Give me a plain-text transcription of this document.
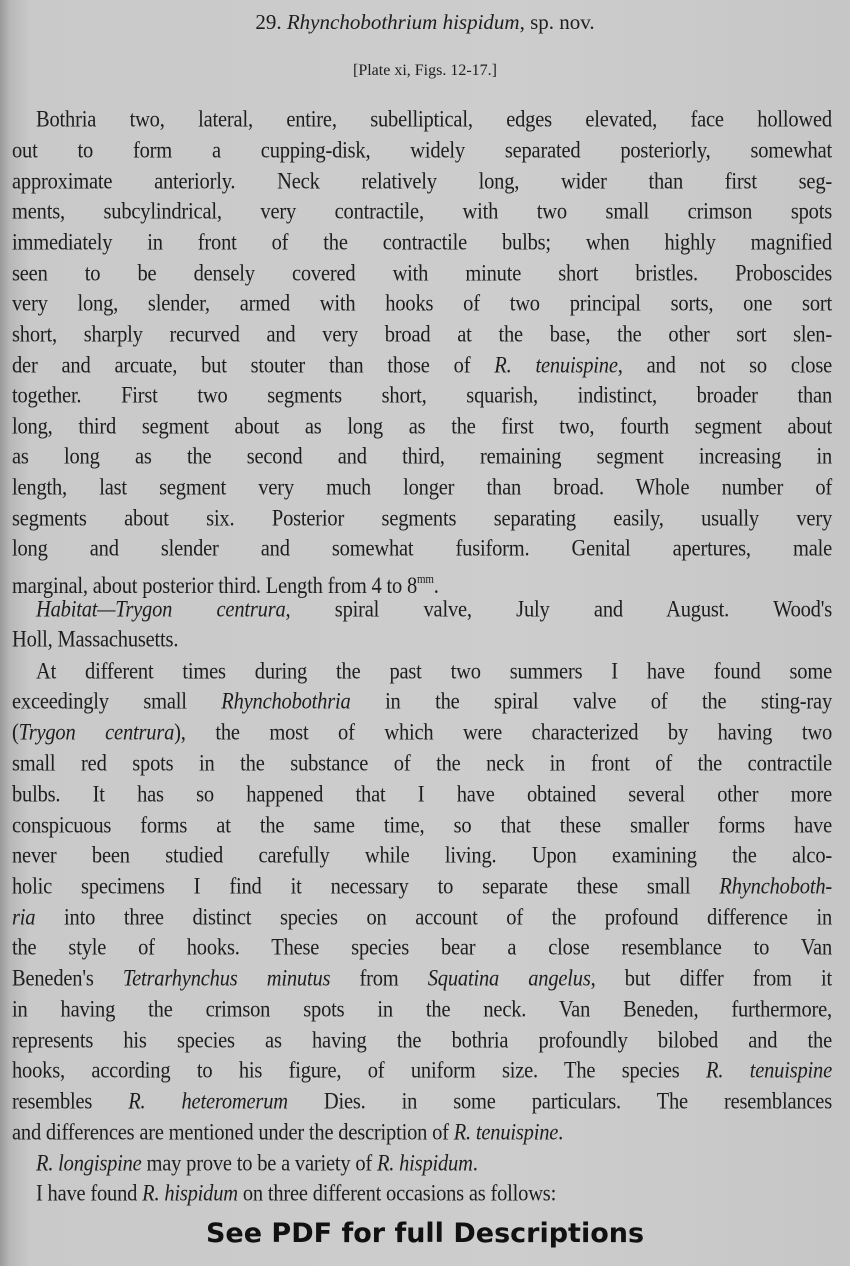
29. Rhynchobothrium hispidum, sp. nov.
[Plate xi, Figs. 12-17.]
Bothria two, lateral, entire, subelliptical, edges elevated, face hollowed
out to form a cupping-disk, widely separated posteriorly, somewhat
approximate anteriorly. Neck relatively long, wider than first seg-
ments, subcylindrical, very contractile, with two small crimson spots
immediately in front of the contractile bulbs; when highly magnified
seen to be densely covered with minute short bristles. Proboscides
very long, slender, armed with hooks of two principal sorts, one sort
short, sharply recurved and very broad at the base, the other sort slen-
der and arcuate, but stouter than those of R. tenuispine, and not so close
together. First two segments short, squarish, indistinct, broader than
long, third segment about as long as the first two, fourth segment about
as long as the second and third, remaining segment increasing in
length, last segment very much longer than broad. Whole number of
segments about six. Posterior segments separating easily, usually very
long and slender and somewhat fusiform. Genital apertures, male
marginal, about posterior third. Length from 4 to $8^{mm}$.
Habitat—Trygon centrura, spiral valve, July and August. Wood's
Holl, Massachusetts.
At different times during the past two summers I have found some
exceedingly small Rhynchobothria in the spiral valve of the sting-ray
(Trygon centrura), the most of which were characterized by having two
small red spots in the substance of the neck in front of the contractile
bulbs. It has so happened that I have obtained several other more
conspicuous forms at the same time, so that these smaller forms have
never been studied carefully while living. Upon examining the alco-
holic specimens I find it necessary to separate these small Rhynchoboth-
ria into three distinct species on account of the profound difference in
the style of hooks. These species bear a close resemblance to Van
Beneden's Tetrarhynchus minutus from Squatina angelus, but differ from it
in having the crimson spots in the neck. Van Beneden, furthermore,
represents his species as having the bothria profoundly bilobed and the
hooks, according to his figure, of uniform size. The species R. tenuispine
resembles R. heteromerum Dies. in some particulars. The resemblances
and differences are mentioned under the description of R. tenuispine.
R. longispine may prove to be a variety of R. hispidum.
I have found R. hispidum on three different occasions as follows:
See PDF for full Descriptions
